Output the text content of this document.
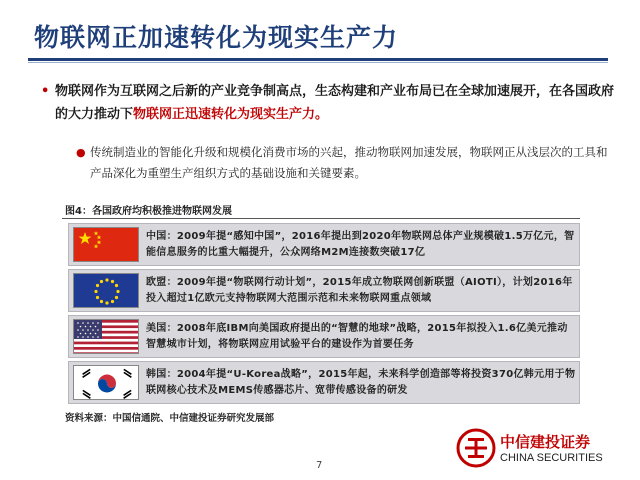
物联网正加速转化为现实生产力
• 物联网作为互联网之后新的产业竞争制高点，生态构建和产业布局已在全球加速展开，在各国政府的大力推动下物联网正迅速转化为现实生产力。
● 传统制造业的智能化升级和规模化消费市场的兴起，推动物联网加速发展，物联网正从浅层次的工具和产品深化为重塑生产组织方式的基础设施和关键要素。
图4：各国政府均积极推进物联网发展
中国：2009年提“感知中国”，2016年提出到2020年物联网总体产业规模破1.5万亿元，智能信息服务的比重大幅提升，公众网络M2M连接数突破17亿
欧盟：2009年提“物联网行动计划”，2015年成立物联网创新联盟（AIOTI），计划2016年投入超过1亿欧元支持物联网大范围示范和未来物联网重点领域
美国：2008年底IBM向美国政府提出的“智慧的地球”战略，2015年拟投入1.6亿美元推动智慧城市计划，将物联网应用试验平台的建设作为首要任务
韩国：2004年提“U-Korea战略”，2015年起，未来科学创造部等将投资370亿韩元用于物联网核心技术及MEMS传感器芯片、宽带传感设备的研发
资料来源：中国信通院、中信建投证券研究发展部
中信建投证券
CHINA SECURITIES
7
